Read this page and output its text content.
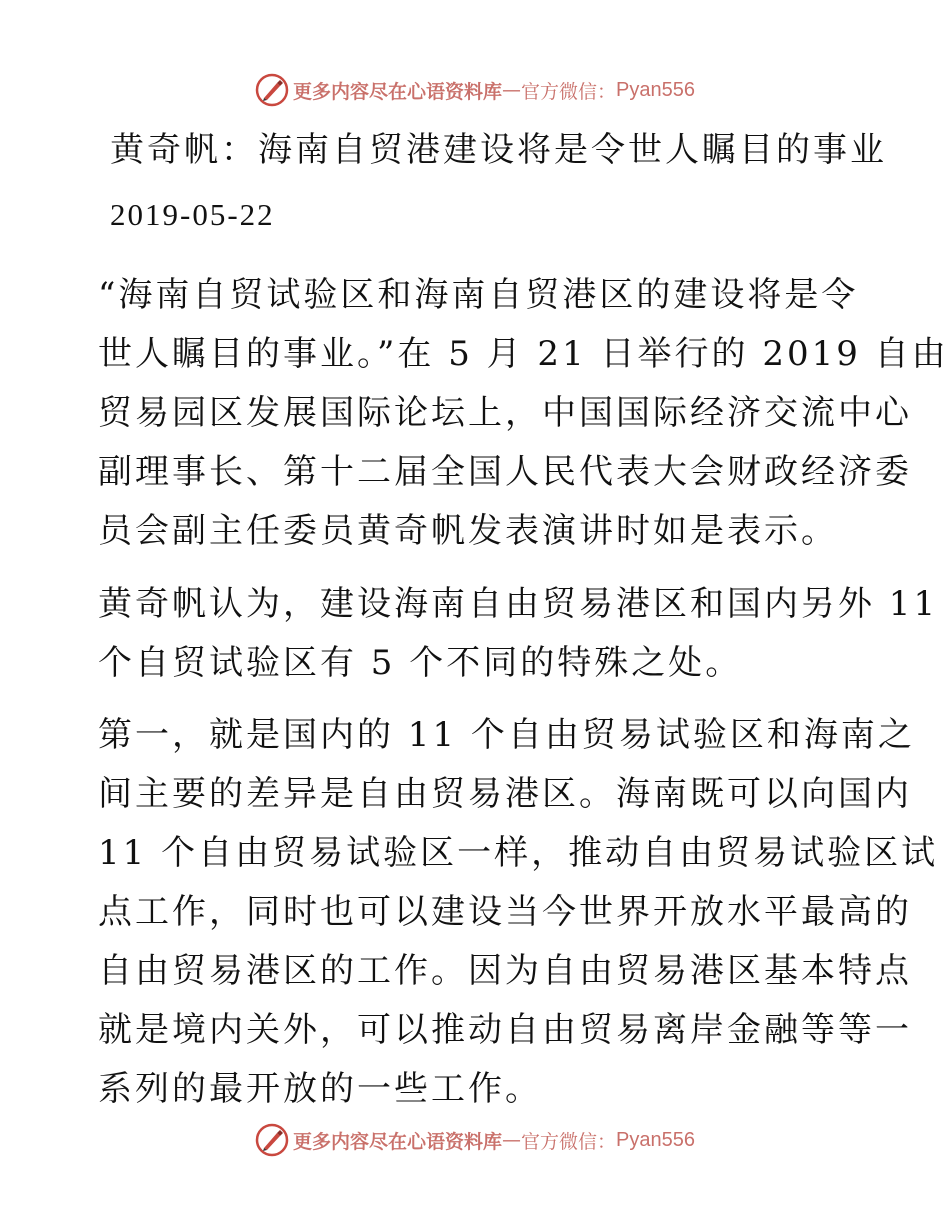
更多内容尽在心语资料库 — 官方微信： Pyan556
黄奇帆：海南自贸港建设将是令世人瞩目的事业
2019-05-22
“海南自贸试验区和海南自贸港区的建设将是令
世人瞩目的事业。”在 5 月 21 日举行的 2019 自由
贸易园区发展国际论坛上，中国国际经济交流中心
副理事长、第十二届全国人民代表大会财政经济委
员会副主任委员黄奇帆发表演讲时如是表示。
黄奇帆认为，建设海南自由贸易港区和国内另外 11
个自贸试验区有 5 个不同的特殊之处。
第一，就是国内的 11 个自由贸易试验区和海南之
间主要的差异是自由贸易港区。海南既可以向国内
11 个自由贸易试验区一样，推动自由贸易试验区试
点工作，同时也可以建设当今世界开放水平最高的
自由贸易港区的工作。因为自由贸易港区基本特点
就是境内关外，可以推动自由贸易离岸金融等等一
系列的最开放的一些工作。
更多内容尽在心语资料库 — 官方微信： Pyan556
